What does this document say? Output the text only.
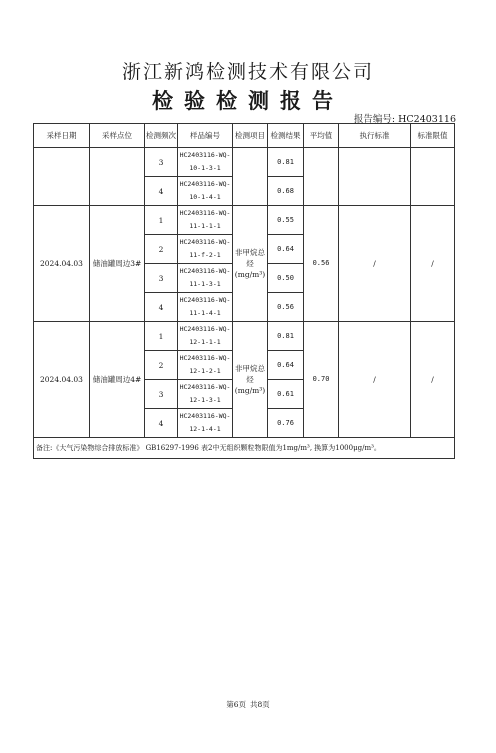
浙江新鸿检测技术有限公司
检验检测报告
报告编号: HC2403116
采样日期	采样点位	检测频次	样品编号	检测项目	检测结果	平均值	执行标准	标准限值
		3	HC2403116-WQ-10-1-3-1		0.81			
		4	HC2403116-WQ-10-1-4-1		0.68			
2024.04.03	储油罐周边3#	1	HC2403116-WQ-11-1-1-1	非甲烷总烃(mg/m³)	0.55	0.56	/	/
		2	HC2403116-WQ-11-f-2-1		0.64			
		3	HC2403116-WQ-11-1-3-1		0.50			
		4	HC2403116-WQ-11-1-4-1		0.56			
2024.04.03	储油罐周边4#	1	HC2403116-WQ-12-1-1-1	非甲烷总烃(mg/m³)	0.81	0.70	/	/
		2	HC2403116-WQ-12-1-2-1		0.64			
		3	HC2403116-WQ-12-1-3-1		0.61			
		4	HC2403116-WQ-12-1-4-1		0.76			
备注:《大气污染物综合排放标准》 GB16297-1996 表2中无组织颗粒物限值为1mg/m³, 换算为1000μg/m³。								
第6页 共8页
